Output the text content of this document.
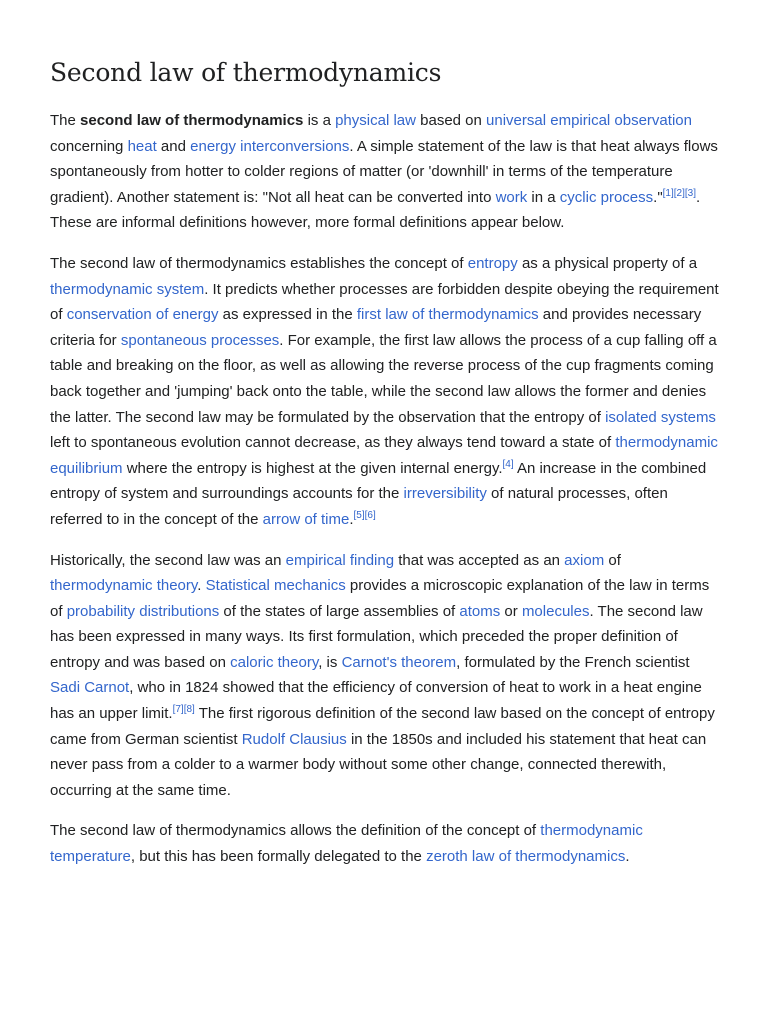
Second law of thermodynamics

The second law of thermodynamics is a physical law based on universal empirical observation concerning heat and energy interconversions. A simple statement of the law is that heat always flows spontaneously from hotter to colder regions of matter (or 'downhill' in terms of the temperature gradient). Another statement is: "Not all heat can be converted into work in a cyclic process."[1][2][3]. These are informal definitions however, more formal definitions appear below.

The second law of thermodynamics establishes the concept of entropy as a physical property of a thermodynamic system. It predicts whether processes are forbidden despite obeying the requirement of conservation of energy as expressed in the first law of thermodynamics and provides necessary criteria for spontaneous processes. For example, the first law allows the process of a cup falling off a table and breaking on the floor, as well as allowing the reverse process of the cup fragments coming back together and 'jumping' back onto the table, while the second law allows the former and denies the latter. The second law may be formulated by the observation that the entropy of isolated systems left to spontaneous evolution cannot decrease, as they always tend toward a state of thermodynamic equilibrium where the entropy is highest at the given internal energy.[4] An increase in the combined entropy of system and surroundings accounts for the irreversibility of natural processes, often referred to in the concept of the arrow of time.[5][6]

Historically, the second law was an empirical finding that was accepted as an axiom of thermodynamic theory. Statistical mechanics provides a microscopic explanation of the law in terms of probability distributions of the states of large assemblies of atoms or molecules. The second law has been expressed in many ways. Its first formulation, which preceded the proper definition of entropy and was based on caloric theory, is Carnot's theorem, formulated by the French scientist Sadi Carnot, who in 1824 showed that the efficiency of conversion of heat to work in a heat engine has an upper limit.[7][8] The first rigorous definition of the second law based on the concept of entropy came from German scientist Rudolf Clausius in the 1850s and included his statement that heat can never pass from a colder to a warmer body without some other change, connected therewith, occurring at the same time.

The second law of thermodynamics allows the definition of the concept of thermodynamic temperature, but this has been formally delegated to the zeroth law of thermodynamics.
